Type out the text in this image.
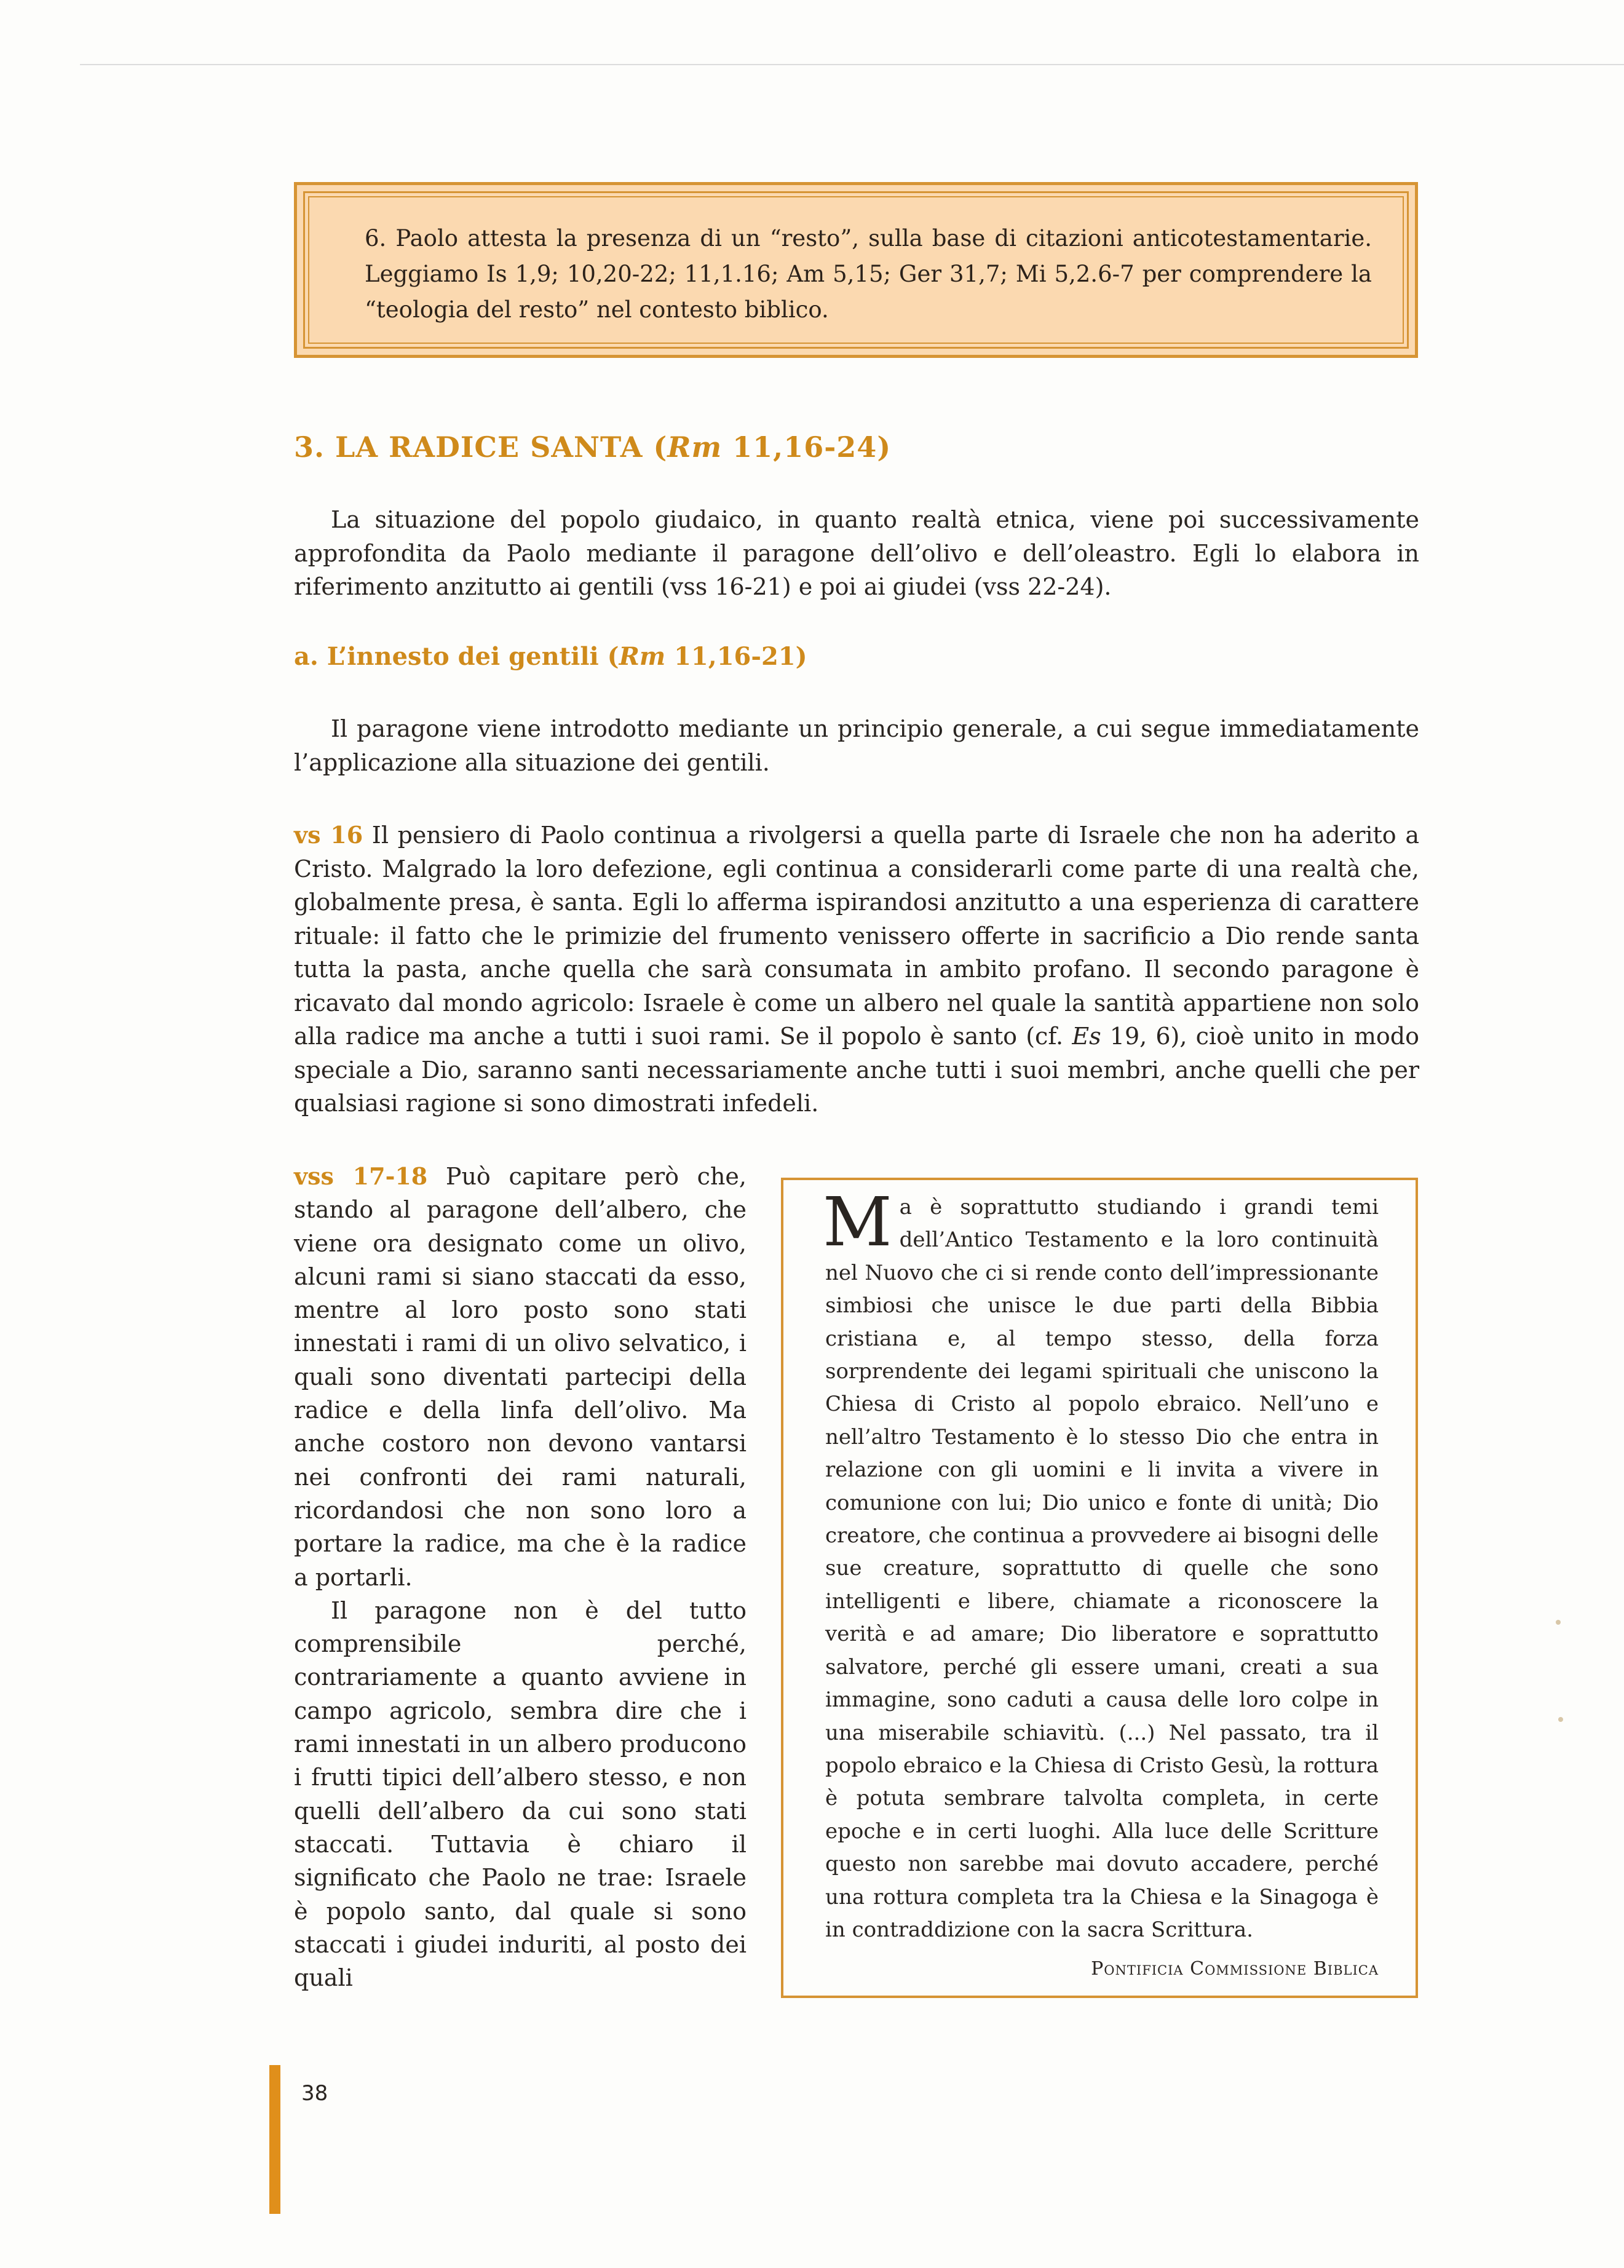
6. Paolo attesta la presenza di un “resto”, sulla base di citazioni anticotestamentarie. Leggiamo Is 1,9; 10,20-22; 11,1.16; Am 5,15; Ger 31,7; Mi 5,2.6-7 per comprendere la “teologia del resto” nel contesto biblico.
3. LA RADICE SANTA (Rm 11,16-24)
La situazione del popolo giudaico, in quanto realtà etnica, viene poi successivamente approfondita da Paolo mediante il paragone dell’olivo e dell’oleastro. Egli lo elabora in riferimento anzitutto ai gentili (vss 16-21) e poi ai giudei (vss 22-24).
a. L’innesto dei gentili (Rm 11,16-21)
Il paragone viene introdotto mediante un principio generale, a cui segue immediatamente l’applicazione alla situazione dei gentili.
vs 16 Il pensiero di Paolo continua a rivolgersi a quella parte di Israele che non ha aderito a Cristo. Malgrado la loro defezione, egli continua a considerarli come parte di una realtà che, globalmente presa, è santa. Egli lo afferma ispirandosi anzitutto a una esperienza di carattere rituale: il fatto che le primizie del frumento venissero offerte in sacrificio a Dio rende santa tutta la pasta, anche quella che sarà consumata in ambito profano. Il secondo paragone è ricavato dal mondo agricolo: Israele è come un albero nel quale la santità appartiene non solo alla radice ma anche a tutti i suoi rami. Se il popolo è santo (cf. Es 19, 6), cioè unito in modo speciale a Dio, saranno santi necessariamente anche tutti i suoi membri, anche quelli che per qualsiasi ragione si sono dimostrati infedeli.

vss 17-18 Può capitare però che, stando al paragone dell’albero, che viene ora designato come un olivo, alcuni rami si siano staccati da esso, mentre al loro posto sono stati innestati i rami di un olivo selvatico, i quali sono diventati partecipi della radice e della linfa dell’olivo. Ma anche costoro non devono vantarsi nei confronti dei rami naturali, ricordandosi che non sono loro a portare la radice, ma che è la radice a portarli.

Il paragone non è del tutto comprensibile perché, contrariamente a quanto avviene in campo agricolo, sembra dire che i rami innestati in un albero producono i frutti tipici dell’albero stesso, e non quelli dell’albero da cui sono stati staccati. Tuttavia è chiaro il significato che Paolo ne trae: Israele è popolo santo, dal quale si sono staccati i giudei induriti, al posto dei quali

Ma è soprattutto studiando i grandi temi dell’Antico Testamento e la loro continuità nel Nuovo che ci si rende conto dell’impressionante simbiosi che unisce le due parti della Bibbia cristiana e, al tempo stesso, della forza sorprendente dei legami spirituali che uniscono la Chiesa di Cristo al popolo ebraico. Nell’uno e nell’altro Testamento è lo stesso Dio che entra in relazione con gli uomini e li invita a vivere in comunione con lui; Dio unico e fonte di unità; Dio creatore, che continua a provvedere ai bisogni delle sue creature, soprattutto di quelle che sono intelligenti e libere, chiamate a riconoscere la verità e ad amare; Dio liberatore e soprattutto salvatore, perché gli essere umani, creati a sua immagine, sono caduti a causa delle loro colpe in una miserabile schiavitù. (...) Nel passato, tra il popolo ebraico e la Chiesa di Cristo Gesù, la rottura è potuta sembrare talvolta completa, in certe epoche e in certi luoghi. Alla luce delle Scritture questo non sarebbe mai dovuto accadere, perché una rottura completa tra la Chiesa e la Sinagoga è in contraddizione con la sacra Scrittura.
Pontificia Commissione Biblica
38
